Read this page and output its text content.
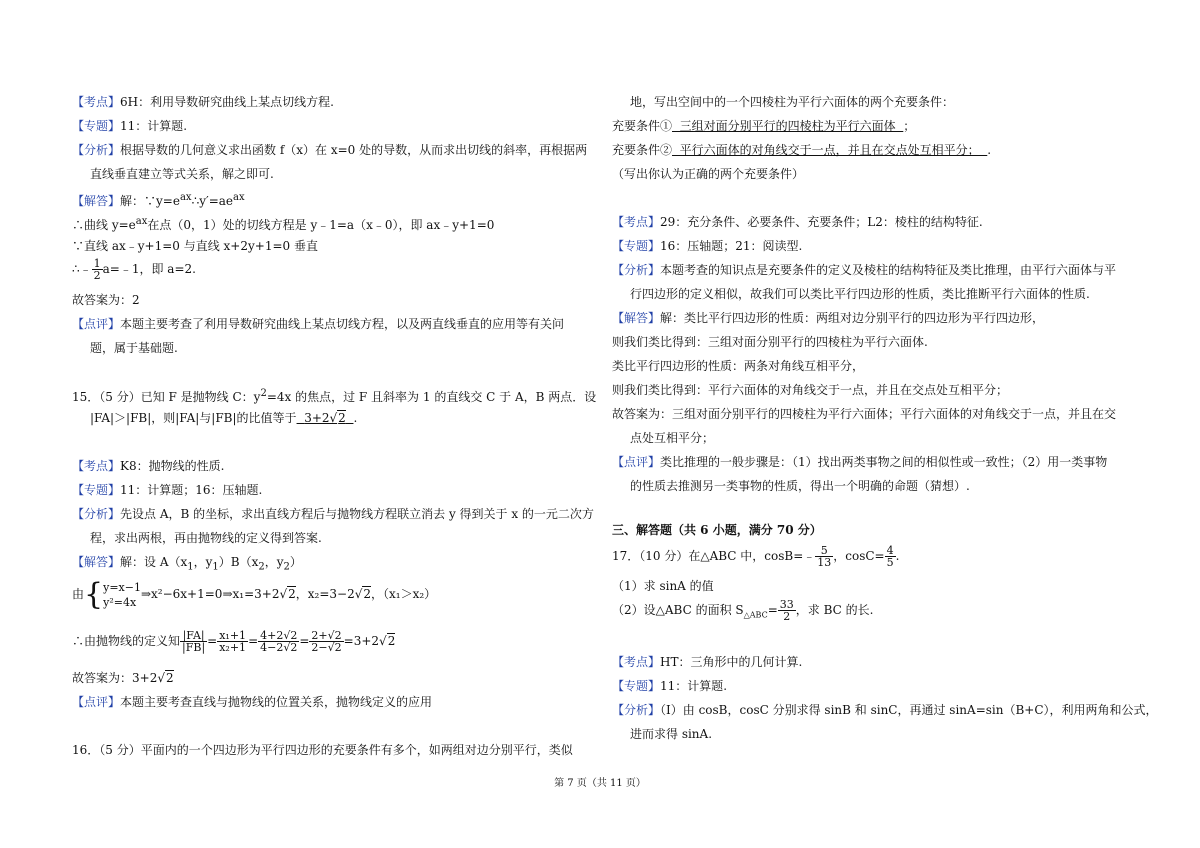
【考点】6H：利用导数研究曲线上某点切线方程.
【专题】11：计算题.
【分析】根据导数的几何意义求出函数 f（x）在 x=0 处的导数，从而求出切线的斜率，再根据两
直线垂直建立等式关系，解之即可.
【解答】解：$\because y=e^{ax}\therefore y'=ae^{ax}$
∴曲线 $y=e^{ax}$在点（0，1）处的切线方程是 y﹣1=a（x﹣0），即 ax﹣y+1=0
∵直线 ax﹣y+1=0 与直线 x+2y+1=0 垂直
∴﹣ $\frac{1}{2}$ a=﹣1，即 a=2.
故答案为：2
【点评】本题主要考查了利用导数研究曲线上某点切线方程，以及两直线垂直的应用等有关问
题，属于基础题.
15．（5 分）已知 F 是抛物线 C：$y^2=4x$ 的焦点，过 F 且斜率为 1 的直线交 C 于 A，B 两点．设
|FA|＞|FB|，则|FA|与|FB|的比值等于 3+2√2 .
【考点】K8：抛物线的性质.
【专题】11：计算题；16：压轴题.
【分析】先设点 A，B 的坐标，求出直线方程后与抛物线方程联立消去 y 得到关于 x 的一元二次方
程，求出两根，再由抛物线的定义得到答案.
【解答】解：设 $A(x_1$，$y_1)B(x_2$，$y_2$）
由{ y=x−1
y²=4x
⇒x²−6x+1=0⇒x₁=3+2√2，x₂=3−2√2，（x₁＞x₂）
∴由抛物线的定义知 $\frac{|FA|}{|FB|} = \frac{\text{x₁+1}}{\text{x₂+1}} = \frac{4+2√2}{4-2√2} = \frac{2+√2}{2-√2} =3+2√2$
故答案为：3+2√2
【点评】本题主要考查直线与抛物线的位置关系，抛物线定义的应用
16．（5 分）平面内的一个四边形为平行四边形的充要条件有多个，如两组对边分别平行，类似
地，写出空间中的一个四棱柱为平行六面体的两个充要条件：
充要条件①  三组对面分别平行的四棱柱为平行六面体  ；
充要条件②  平行六面体的对角线交于一点，并且在交点处互相平分；  .
（写出你认为正确的两个充要条件）
【考点】29：充分条件、必要条件、充要条件；L2：棱柱的结构特征.
【专题】16：压轴题；21：阅读型.
【分析】本题考查的知识点是充要条件的定义及棱柱的结构特征及类比推理，由平行六面体与平
行四边形的定义相似，故我们可以类比平行四边形的性质，类比推断平行六面体的性质.
【解答】解：类比平行四边形的性质：两组对边分别平行的四边形为平行四边形，
则我们类比得到：三组对面分别平行的四棱柱为平行六面体.
类比平行四边形的性质：两条对角线互相平分，
则我们类比得到：平行六面体的对角线交于一点，并且在交点处互相平分；
故答案为：三组对面分别平行的四棱柱为平行六面体；平行六面体的对角线交于一点，并且在交
点处互相平分；
【点评】类比推理的一般步骤是：（1）找出两类事物之间的相似性或一致性；（2）用一类事物
的性质去推测另一类事物的性质，得出一个明确的命题（猜想）.
三、解答题（共 6 小题，满分 70 分）
17．（10 分）在△ABC 中，cosB=﹣ $\frac{5}{13}$ ，$\cos C= \frac{4}{5}$ .
（1）求 sinA 的值
（2）设△ABC 的面积 $S_{\triangle ABC}= \frac{33}{2}$ ，求 BC 的长.
【考点】HT：三角形中的几何计算.
【专题】11：计算题.
【分析】（Ⅰ）由 cosB，cosC 分别求得 sinB 和 sinC，再通过 sinA=sin（B+C），利用两角和公式，
进而求得 sinA.
第 7 页（共 11 页）
